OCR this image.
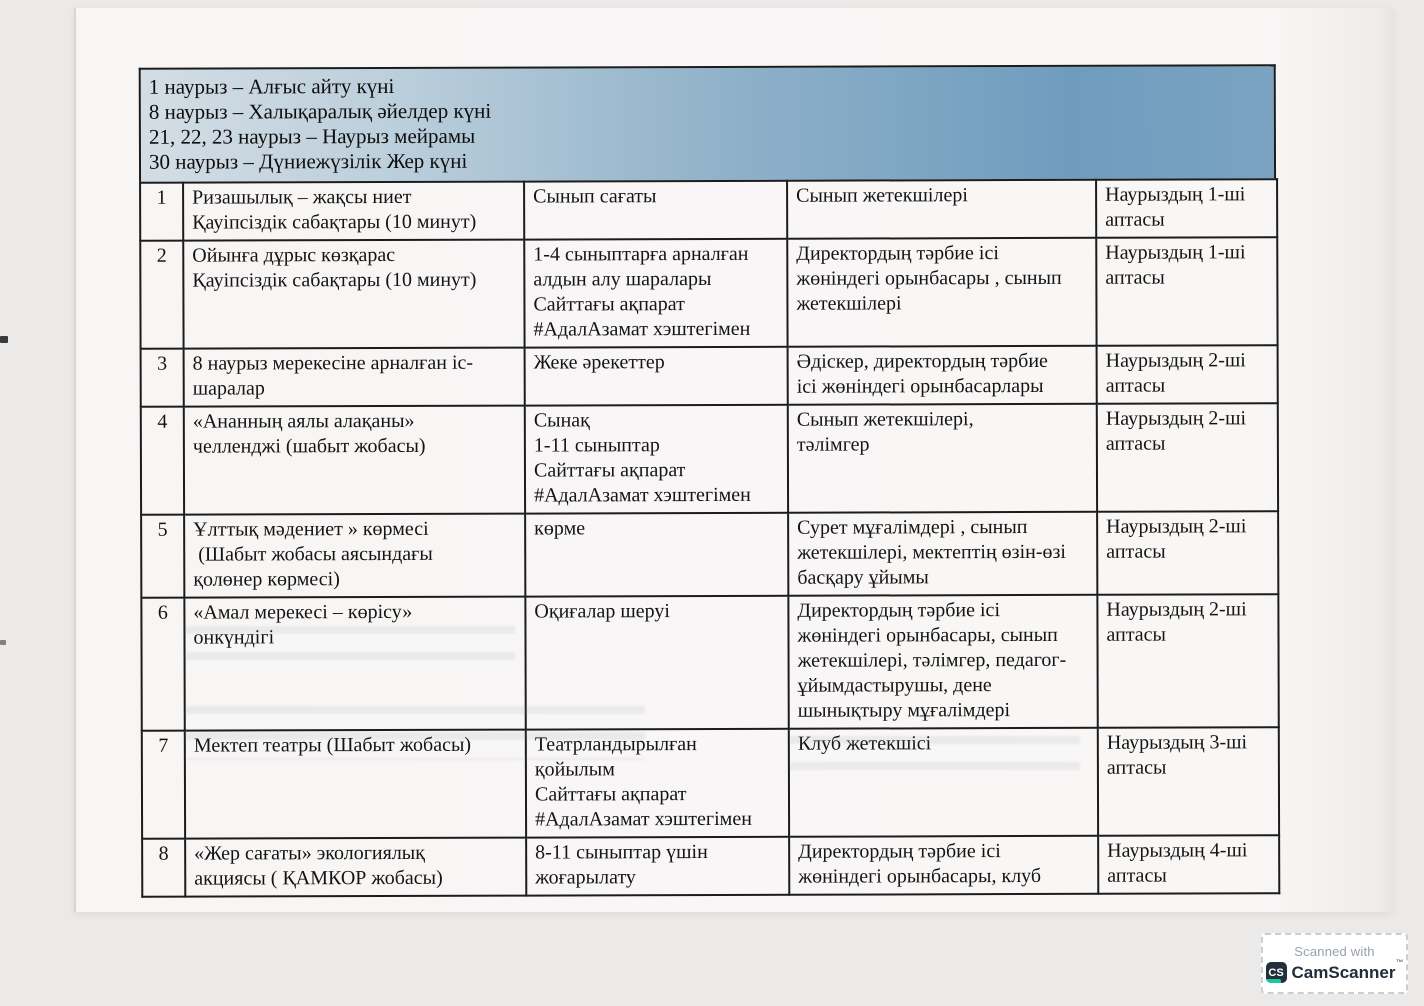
1 наурыз – Алғыс айту күні
8 наурыз – Халықаралық әйелдер күні
21, 22, 23 наурыз – Наурыз мейрамы
30 наурыз – Дүниежүзілік Жер күні
1	Ризашылық – жақсы ниет
Қауіпсіздік сабақтары (10 минут)	Сынып сағаты	Сынып жетекшілері	Наурыздың 1-ші
аптасы
2	Ойынға дұрыс көзқарас
Қауіпсіздік сабақтары (10 минут)	1-4 сыныптарға арналған
алдын алу шаралары
Сайттағы ақпарат
#АдалАзамат хэштегімен	Директордың тәрбие ісі
жөніндегі орынбасары , сынып
жетекшілері	Наурыздың 1-ші
аптасы
3	8 наурыз мерекесіне арналған іс-
шаралар	Жеке әрекеттер	Әдіскер, директордың тәрбие
ісі жөніндегі орынбасарлары	Наурыздың 2-ші
аптасы
4	«Ананның аялы алақаны»
челленджі (шабыт жобасы)	Сынақ
1-11 сыныптар
Сайттағы ақпарат
#АдалАзамат хэштегімен	Сынып жетекшілері,
тәлімгер	Наурыздың 2-ші
аптасы
5	Ұлттық мәдениет » көрмесі
(Шабыт жобасы аясындағы
қолөнер көрмесі)	көрме	Сурет мұғалімдері , сынып
жетекшілері, мектептің өзін-өзі
басқару ұйымы	Наурыздың 2-ші
аптасы
6	«Амал мерекесі – көрісу»
онкүндігі	Оқиғалар шеруі	Директордың тәрбие ісі
жөніндегі орынбасары, сынып
жетекшілері, тәлімгер, педагог-
ұйымдастырушы, дене
шынықтыру мұғалімдері	Наурыздың 2-ші
аптасы
7	Мектеп театры (Шабыт жобасы)	Театрландырылған
қойылым
Сайттағы ақпарат
#АдалАзамат хэштегімен	Клуб жетекшісі	Наурыздың 3-ші
аптасы
8	«Жер сағаты» экологиялық
акциясы ( ҚАМКОР жобасы)	8-11 сыныптар үшін
жоғарылату	Директордың тәрбие ісі
жөніндегі орынбасары, клуб	Наурыздың 4-ші
аптасы
Scanned with
CS CamScanner™
